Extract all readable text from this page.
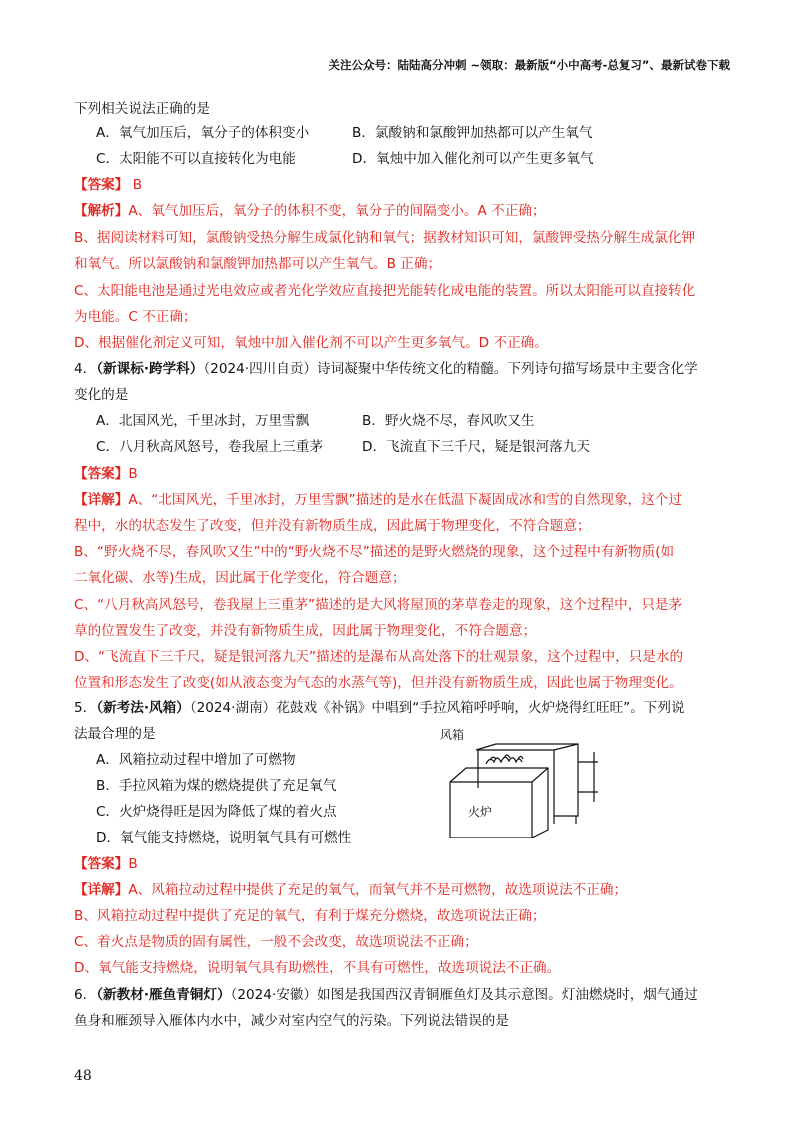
关注公众号：陆陆高分冲刺 ~领取：最新版“小中高考-总复习”、最新试卷下载
下列相关说法正确的是
A．氧气加压后，氧分子的体积变小	B．氯酸钠和氯酸钾加热都可以产生氧气
C．太阳能不可以直接转化为电能	D．氧烛中加入催化剂可以产生更多氧气
【答案】 B
【解析】A、氧气加压后，氧分子的体积不变，氧分子的间隔变小。A 不正确；
B、据阅读材料可知，氯酸钠受热分解生成氯化钠和氧气；据教材知识可知，氯酸钾受热分解生成氯化钾
和氧气。所以氯酸钠和氯酸钾加热都可以产生氧气。B 正确；
C、太阳能电池是通过光电效应或者光化学效应直接把光能转化成电能的装置。所以太阳能可以直接转化
为电能。C 不正确；
D、根据催化剂定义可知，氧烛中加入催化剂不可以产生更多氧气。D 不正确。
4．（新课标·跨学科）（2024·四川自贡）诗词凝聚中华传统文化的精髓。下列诗句描写场景中主要含化学
变化的是
A．北国风光，千里冰封，万里雪飘	B．野火烧不尽，春风吹又生
C．八月秋高风怒号，卷我屋上三重茅	D．飞流直下三千尺，疑是银河落九天
【答案】B
【详解】A、“北国风光，千里冰封，万里雪飘”描述的是水在低温下凝固成冰和雪的自然现象，这个过
程中，水的状态发生了改变，但并没有新物质生成，因此属于物理变化，不符合题意；
B、“野火烧不尽，春风吹又生”中的“野火烧不尽”描述的是野火燃烧的现象，这个过程中有新物质(如
二氧化碳、水等)生成，因此属于化学变化，符合题意；
C、“八月秋高风怒号，卷我屋上三重茅”描述的是大风将屋顶的茅草卷走的现象，这个过程中，只是茅
草的位置发生了改变，并没有新物质生成，因此属于物理变化，不符合题意；
D、“飞流直下三千尺，疑是银河落九天”描述的是瀑布从高处落下的壮观景象，这个过程中，只是水的
位置和形态发生了改变(如从液态变为气态的水蒸气等)，但并没有新物质生成，因此也属于物理变化。
5．（新考法·风箱）（2024·湖南）花鼓戏《补锅》中唱到“手拉风箱呼呼响，火炉烧得红旺旺”。下列说
法最合理的是
A．风箱拉动过程中增加了可燃物
B．手拉风箱为煤的燃烧提供了充足氧气
C．火炉烧得旺是因为降低了煤的着火点
D．氧气能支持燃烧，说明氧气具有可燃性
风箱
火炉
【答案】B
【详解】A、风箱拉动过程中提供了充足的氧气，而氧气并不是可燃物，故选项说法不正确；
B、风箱拉动过程中提供了充足的氧气，有利于煤充分燃烧，故选项说法正确；
C、着火点是物质的固有属性，一般不会改变，故选项说法不正确；
D、氧气能支持燃烧，说明氧气具有助燃性，不具有可燃性，故选项说法不正确。
6．（新教材·雁鱼青铜灯）（2024·安徽）如图是我国西汉青铜雁鱼灯及其示意图。灯油燃烧时，烟气通过
鱼身和雁颈导入雁体内水中，减少对室内空气的污染。下列说法错误的是
48
